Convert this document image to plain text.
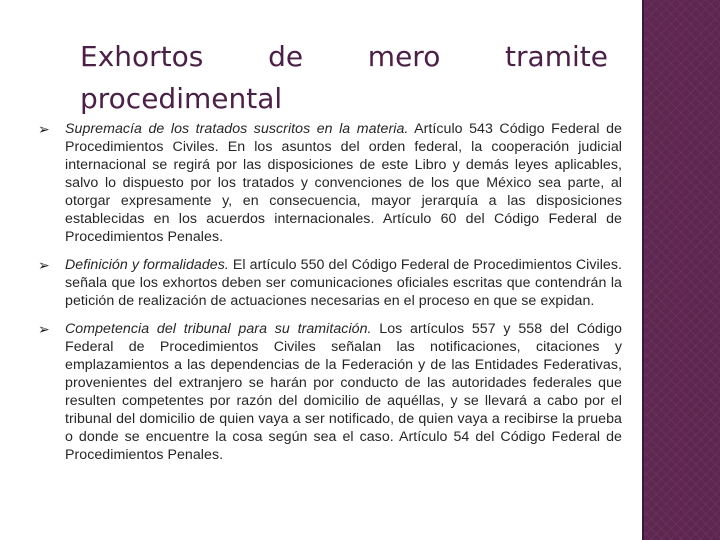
Exhortos de mero tramite
procedimental
➢	Supremacía de los tratados suscritos en la materia. Artículo 543 Código Federal de Procedimientos Civiles. En los asuntos del orden federal, la cooperación judicial internacional se regirá por las disposiciones de este Libro y demás leyes aplicables, salvo lo dispuesto por los tratados y convenciones de los que México sea parte, al otorgar expresamente y, en consecuencia, mayor jerarquía a las disposiciones establecidas en los acuerdos internacionales. Artículo 60 del Código Federal de Procedimientos Penales.
➢	Definición y formalidades. El artículo 550 del Código Federal de Procedimientos Civiles. señala que los exhortos deben ser comunicaciones oficiales escritas que contendrán la petición de realización de actuaciones necesarias en el proceso en que se expidan.
➢	Competencia del tribunal para su tramitación. Los artículos 557 y 558 del Código Federal de Procedimientos Civiles señalan las notificaciones, citaciones y emplazamientos a las dependencias de la Federación y de las Entidades Federativas, provenientes del extranjero se harán por conducto de las autoridades federales que resulten competentes por razón del domicilio de aquéllas, y se llevará a cabo por el tribunal del domicilio de quien vaya a ser notificado, de quien vaya a recibirse la prueba o donde se encuentre la cosa según sea el caso. Artículo 54 del Código Federal de Procedimientos Penales.
